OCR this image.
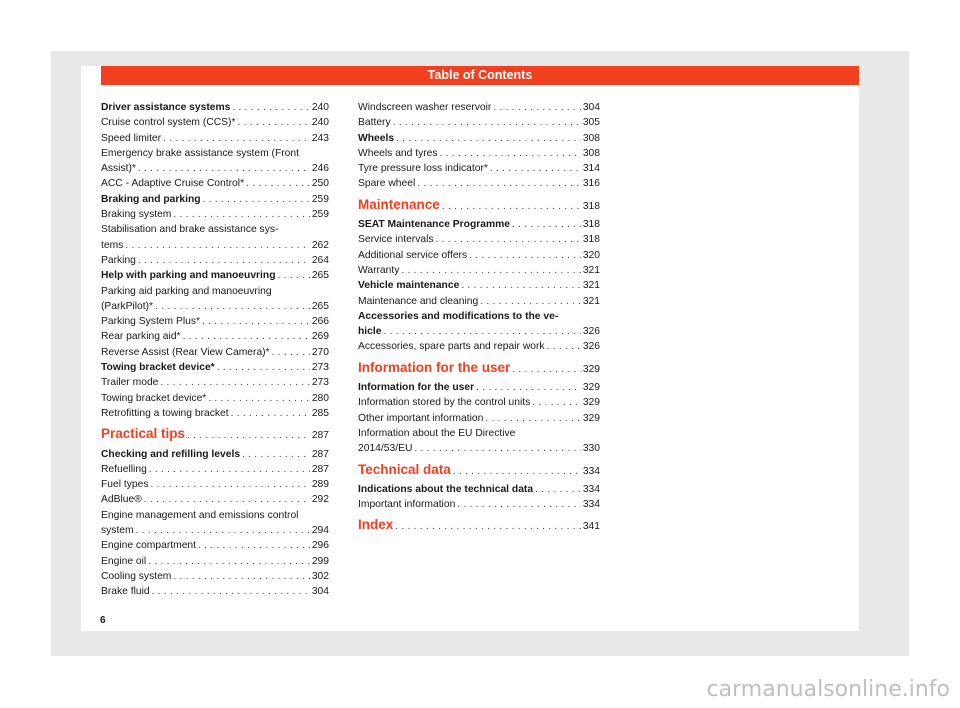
Table of Contents
Driver assistance systems . . .	240
Cruise control system (CCS)* . . .	240
Speed limiter . . .	243
Emergency brake assistance system (Front
Assist)* . . .	246
ACC - Adaptive Cruise Control* . . .	250
Braking and parking . . .	259
Braking system . . .	259
Stabilisation and brake assistance sys-
tems . . .	262
Parking . . .	264
Help with parking and manoeuvring . . .	265
Parking aid parking and manoeuvring
(ParkPilot)* . . .	265
Parking System Plus* . . .	266
Rear parking aid* . . .	269
Reverse Assist (Rear View Camera)* . . .	270
Towing bracket device* . . .	273
Trailer mode . . .	273
Towing bracket device* . . .	280
Retrofitting a towing bracket . . .	285
Practical tips . . .	287
Checking and refilling levels . . .	287
Refuelling . . .	287
Fuel types . . .	289
AdBlue® . . .	292
Engine management and emissions control
system . . .	294
Engine compartment . . .	296
Engine oil . . .	299
Cooling system . . .	302
Brake fluid . . .	304
Windscreen washer reservoir . . .	304
Battery . . .	305
Wheels . . .	308
Wheels and tyres . . .	308
Tyre pressure loss indicator* . . .	314
Spare wheel . . .	316
Maintenance . . .	318
SEAT Maintenance Programme . . .	318
Service intervals . . .	318
Additional service offers . . .	320
Warranty . . .	321
Vehicle maintenance . . .	321
Maintenance and cleaning . . .	321
Accessories and modifications to the ve-
hicle . . .	326
Accessories, spare parts and repair work . . .	326
Information for the user . . .	329
Information for the user . . .	329
Information stored by the control units . . .	329
Other important information . . .	329
Information about the EU Directive
2014/53/EU . . .	330
Technical data . . .	334
Indications about the technical data . . .	334
Important information . . .	334
Index . . .	341
6
carmanualsonline.info
